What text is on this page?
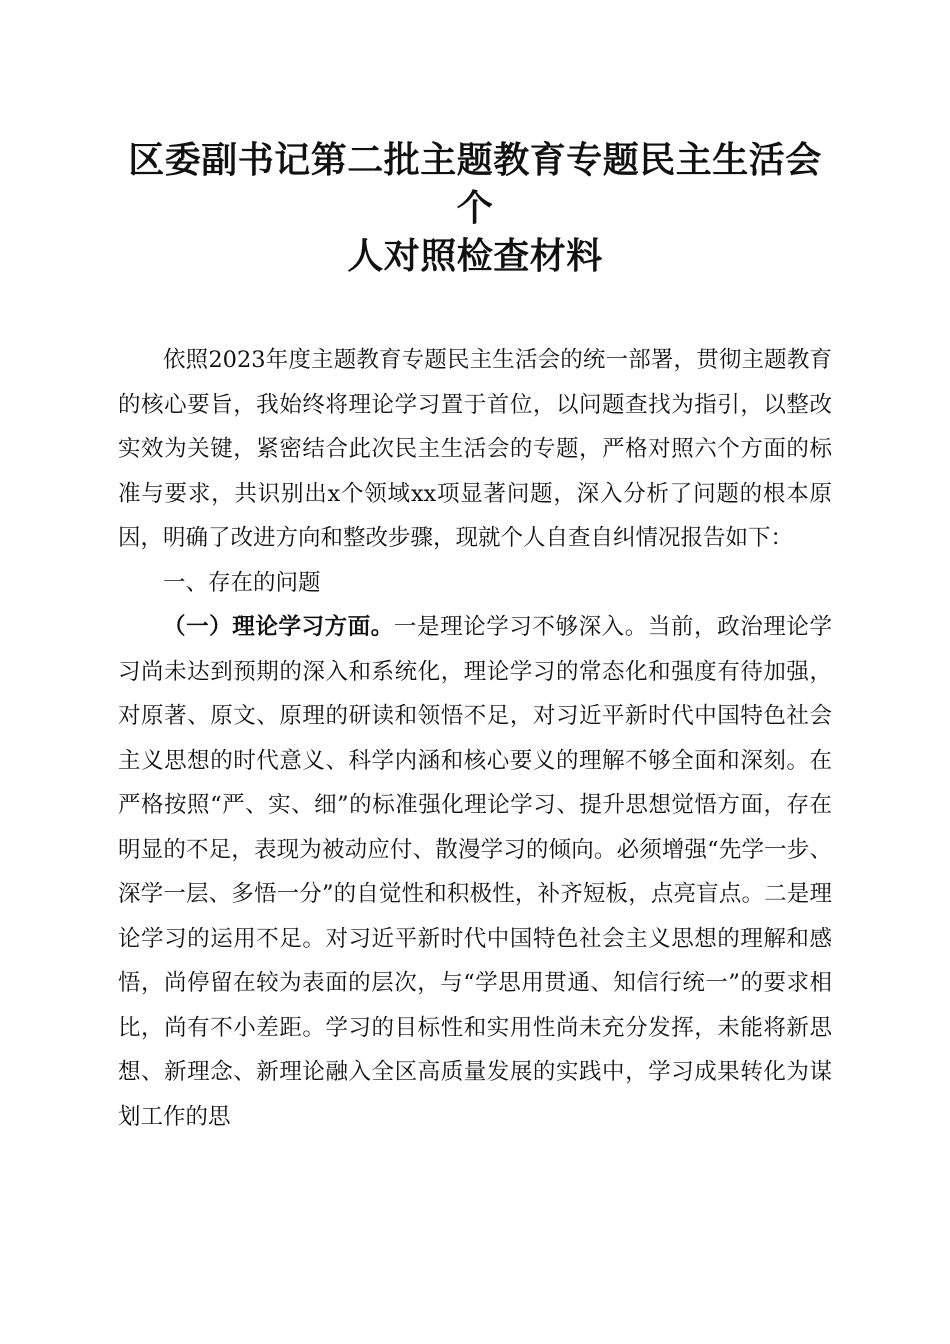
区委副书记第二批主题教育专题民主生活会个
人对照检查材料

依照2023年度主题教育专题民主生活会的统一部署，贯彻主题教育的核心要旨，我始终将理论学习置于首位，以问题查找为指引，以整改实效为关键，紧密结合此次民主生活会的专题，严格对照六个方面的标准与要求，共识别出x个领域xx项显著问题，深入分析了问题的根本原因，明确了改进方向和整改步骤，现就个人自查自纠情况报告如下：

一、存在的问题

（一）理论学习方面。一是理论学习不够深入。当前，政治理论学习尚未达到预期的深入和系统化，理论学习的常态化和强度有待加强，对原著、原文、原理的研读和领悟不足，对习近平新时代中国特色社会主义思想的时代意义、科学内涵和核心要义的理解不够全面和深刻。在严格按照“严、实、细”的标准强化理论学习、提升思想觉悟方面，存在明显的不足，表现为被动应付、散漫学习的倾向。必须增强“先学一步、深学一层、多悟一分”的自觉性和积极性，补齐短板，点亮盲点。二是理论学习的运用不足。对习近平新时代中国特色社会主义思想的理解和感悟，尚停留在较为表面的层次，与“学思用贯通、知信行统一”的要求相比，尚有不小差距。学习的目标性和实用性尚未充分发挥，未能将新思想、新理念、新理论融入全区高质量发展的实践中，学习成果转化为谋划工作的思
